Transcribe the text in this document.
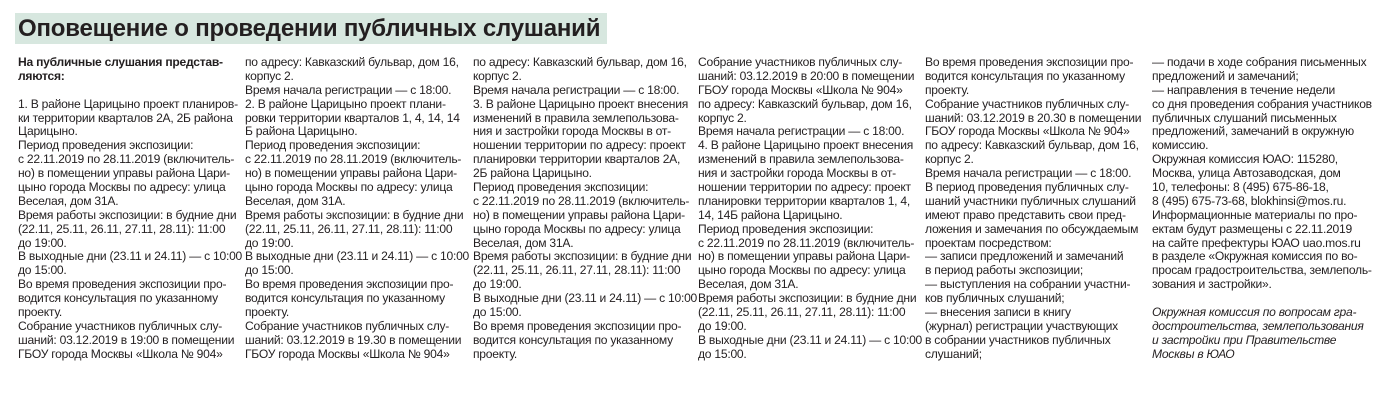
Оповещение о проведении публичных слушаний
На публичные слушания представ-
ляются:
1. В районе Царицыно проект планиров-
ки территории кварталов 2А, 2Б района
Царицыно.
Период проведения экспозиции:
с 22.11.2019 по 28.11.2019 (включитель-
но) в помещении управы района Цари-
цыно города Москвы по адресу: улица
Веселая, дом 31А.
Время работы экспозиции: в будние дни
(22.11, 25.11, 26.11, 27.11, 28.11): 11:00
до 19:00.
В выходные дни (23.11 и 24.11) — с 10:00
до 15:00.
Во время проведения экспозиции про-
водится консультация по указанному
проекту.
Собрание участников публичных слу-
шаний: 03.12.2019 в 19:00 в помещении
ГБОУ города Москвы «Школа № 904»
по адресу: Кавказский бульвар, дом 16,
корпус 2.
Время начала регистрации — с 18:00.
2. В районе Царицыно проект плани-
ровки территории кварталов 1, 4, 14, 14
Б района Царицыно.
Период проведения экспозиции:
с 22.11.2019 по 28.11.2019 (включитель-
но) в помещении управы района Цари-
цыно города Москвы по адресу: улица
Веселая, дом 31А.
Время работы экспозиции: в будние дни
(22.11, 25.11, 26.11, 27.11, 28.11): 11:00
до 19:00.
В выходные дни (23.11 и 24.11) — с 10:00
до 15:00.
Во время проведения экспозиции про-
водится консультация по указанному
проекту.
Собрание участников публичных слу-
шаний: 03.12.2019 в 19.30 в помещении
ГБОУ города Москвы «Школа № 904»
по адресу: Кавказский бульвар, дом 16,
корпус 2.
Время начала регистрации — с 18:00.
3. В районе Царицыно проект внесения
изменений в правила землепользова-
ния и застройки города Москвы в от-
ношении территории по адресу: проект
планировки территории кварталов 2А,
2Б района Царицыно.
Период проведения экспозиции:
с 22.11.2019 по 28.11.2019 (включитель-
но) в помещении управы района Цари-
цыно города Москвы по адресу: улица
Веселая, дом 31А.
Время работы экспозиции: в будние дни
(22.11, 25.11, 26.11, 27.11, 28.11): 11:00
до 19:00.
В выходные дни (23.11 и 24.11) — с 10:00
до 15:00.
Во время проведения экспозиции про-
водится консультация по указанному
проекту.
Собрание участников публичных слу-
шаний: 03.12.2019 в 20:00 в помещении
ГБОУ города Москвы «Школа № 904»
по адресу: Кавказский бульвар, дом 16,
корпус 2.
Время начала регистрации — с 18:00.
4. В районе Царицыно проект внесения
изменений в правила землепользова-
ния и застройки города Москвы в от-
ношении территории по адресу: проект
планировки территории кварталов 1, 4,
14, 14Б района Царицыно.
Период проведения экспозиции:
с 22.11.2019 по 28.11.2019 (включитель-
но) в помещении управы района Цари-
цыно города Москвы по адресу: улица
Веселая, дом 31А.
Время работы экспозиции: в будние дни
(22.11, 25.11, 26.11, 27.11, 28.11): 11:00
до 19:00.
В выходные дни (23.11 и 24.11) — с 10:00
до 15:00.
Во время проведения экспозиции про-
водится консультация по указанному
проекту.
Собрание участников публичных слу-
шаний: 03.12.2019 в 20.30 в помещении
ГБОУ города Москвы «Школа № 904»
по адресу: Кавказский бульвар, дом 16,
корпус 2.
Время начала регистрации — с 18:00.
В период проведения публичных слу-
шаний участники публичных слушаний
имеют право представить свои пред-
ложения и замечания по обсуждаемым
проектам посредством:
— записи предложений и замечаний
в период работы экспозиции;
— выступления на собрании участни-
ков публичных слушаний;
— внесения записи в книгу
(журнал) регистрации участвующих
в собрании участников публичных
слушаний;
— подачи в ходе собрания письменных
предложений и замечаний;
— направления в течение недели
со дня проведения собрания участников
публичных слушаний письменных
предложений, замечаний в окружную
комиссию.
Окружная комиссия ЮАО: 115280,
Москва, улица Автозаводская, дом
10, телефоны: 8 (495) 675-86-18,
8 (495) 675-73-68, blokhinsi@mos.ru.
Информационные материалы по про-
ектам будут размещены с 22.11.2019
на сайте префектуры ЮАО uao.mos.ru
в разделе «Окружная комиссия по во-
просам градостроительства, землеполь-
зования и застройки».
Окружная комиссия по вопросам гра-
достроительства, землепользования
и застройки при Правительстве
Москвы в ЮАО
